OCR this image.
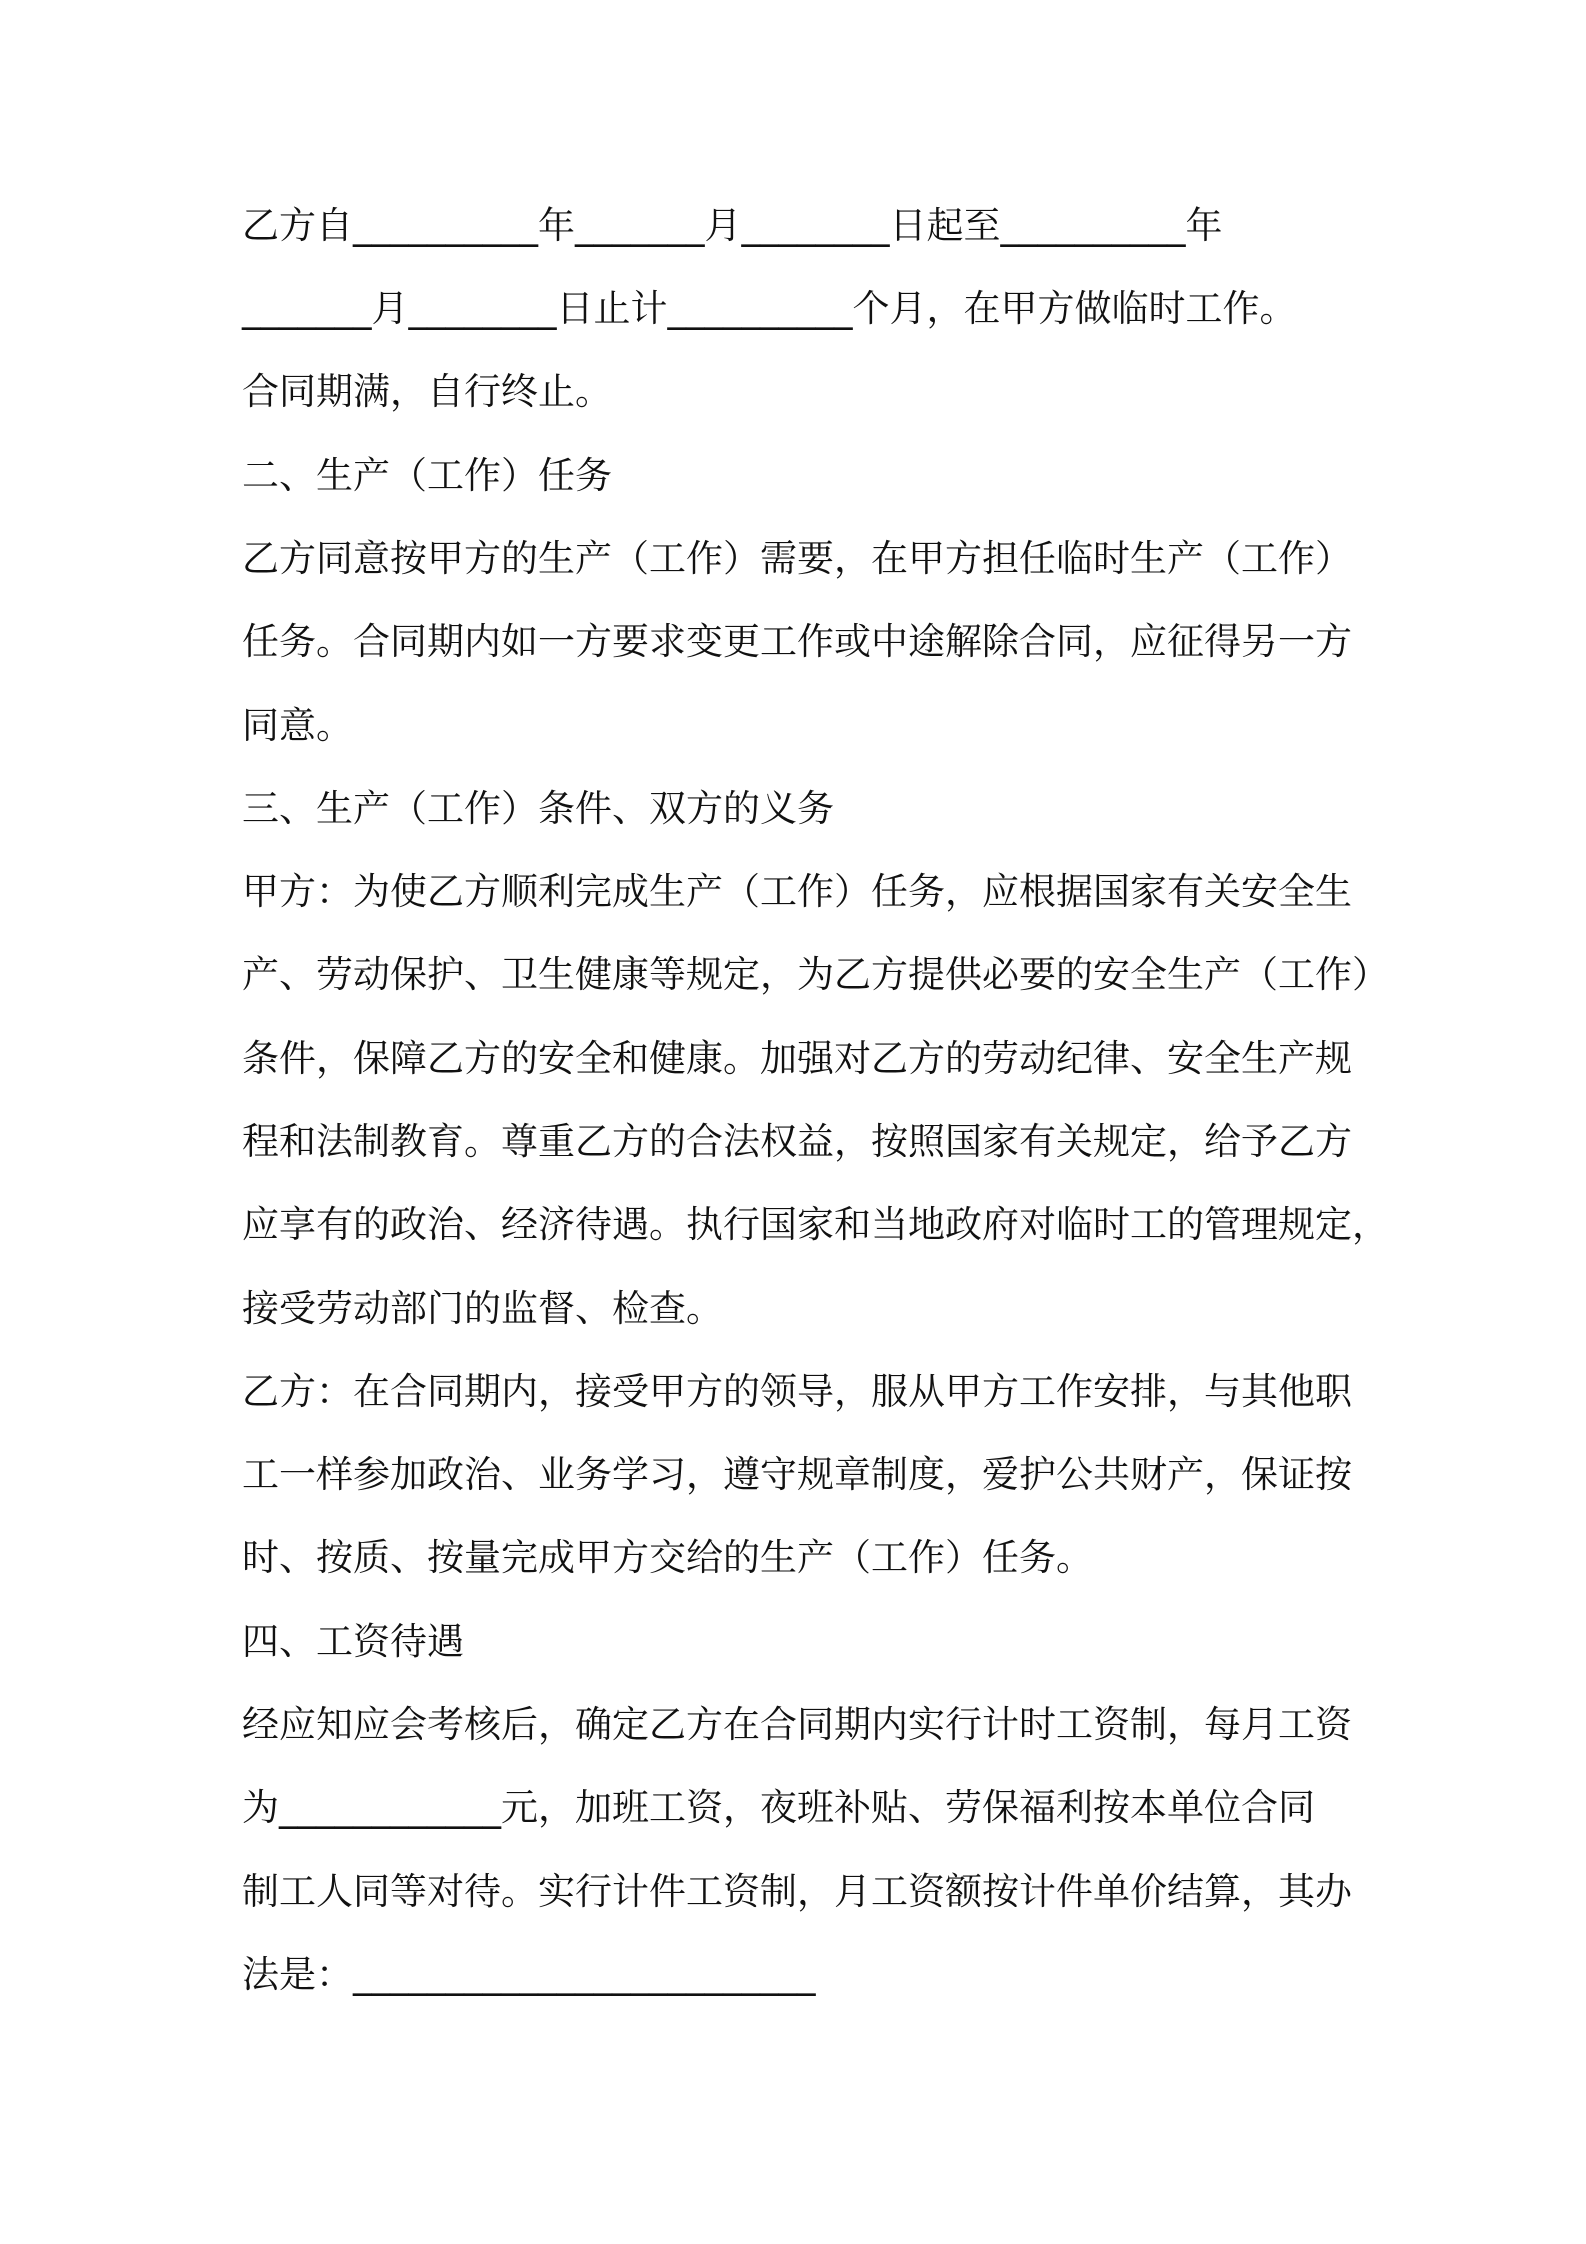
乙方自__________年_______月________日起至__________年
_______月________日止计__________个月，在甲方做临时工作。
合同期满，自行终止。
二、生产（工作）任务
乙方同意按甲方的生产（工作）需要，在甲方担任临时生产（工作）
任务。合同期内如一方要求变更工作或中途解除合同，应征得另一方
同意。
三、生产（工作）条件、双方的义务
甲方：为使乙方顺利完成生产（工作）任务，应根据国家有关安全生
产、劳动保护、卫生健康等规定，为乙方提供必要的安全生产（工作）
条件，保障乙方的安全和健康。加强对乙方的劳动纪律、安全生产规
程和法制教育。尊重乙方的合法权益，按照国家有关规定，给予乙方
应享有的政治、经济待遇。执行国家和当地政府对临时工的管理规定，
接受劳动部门的监督、检查。
乙方：在合同期内，接受甲方的领导，服从甲方工作安排，与其他职
工一样参加政治、业务学习，遵守规章制度，爱护公共财产，保证按
时、按质、按量完成甲方交给的生产（工作）任务。
四、工资待遇
经应知应会考核后，确定乙方在合同期内实行计时工资制，每月工资
为____________元，加班工资，夜班补贴、劳保福利按本单位合同
制工人同等对待。实行计件工资制，月工资额按计件单价结算，其办
法是：_________________________
